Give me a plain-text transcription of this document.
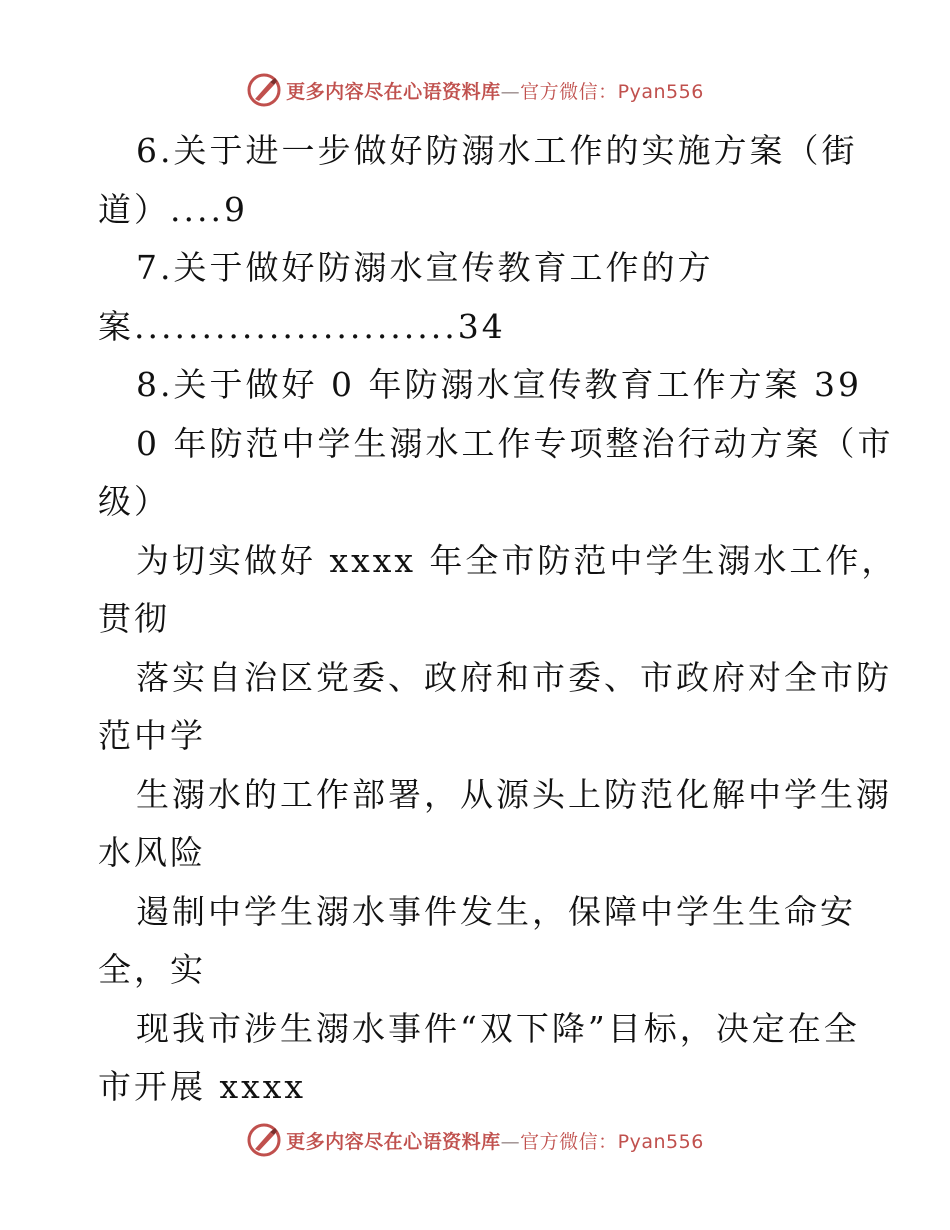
更多内容尽在心语资料库—官方微信：Pyan556
6.关于进一步做好防溺水工作的实施方案（街
道）....9
7.关于做好防溺水宣传教育工作的方
案........................34
8.关于做好 0 年防溺水宣传教育工作方案 39
0 年防范中学生溺水工作专项整治行动方案（市
级）
为切实做好 xxxx 年全市防范中学生溺水工作，
贯彻
落实自治区党委、政府和市委、市政府对全市防
范中学
生溺水的工作部署，从源头上防范化解中学生溺
水风险
遏制中学生溺水事件发生，保障中学生生命安
全，实
现我市涉生溺水事件“双下降”目标，决定在全
市开展 xxxx
更多内容尽在心语资料库—官方微信：Pyan556
